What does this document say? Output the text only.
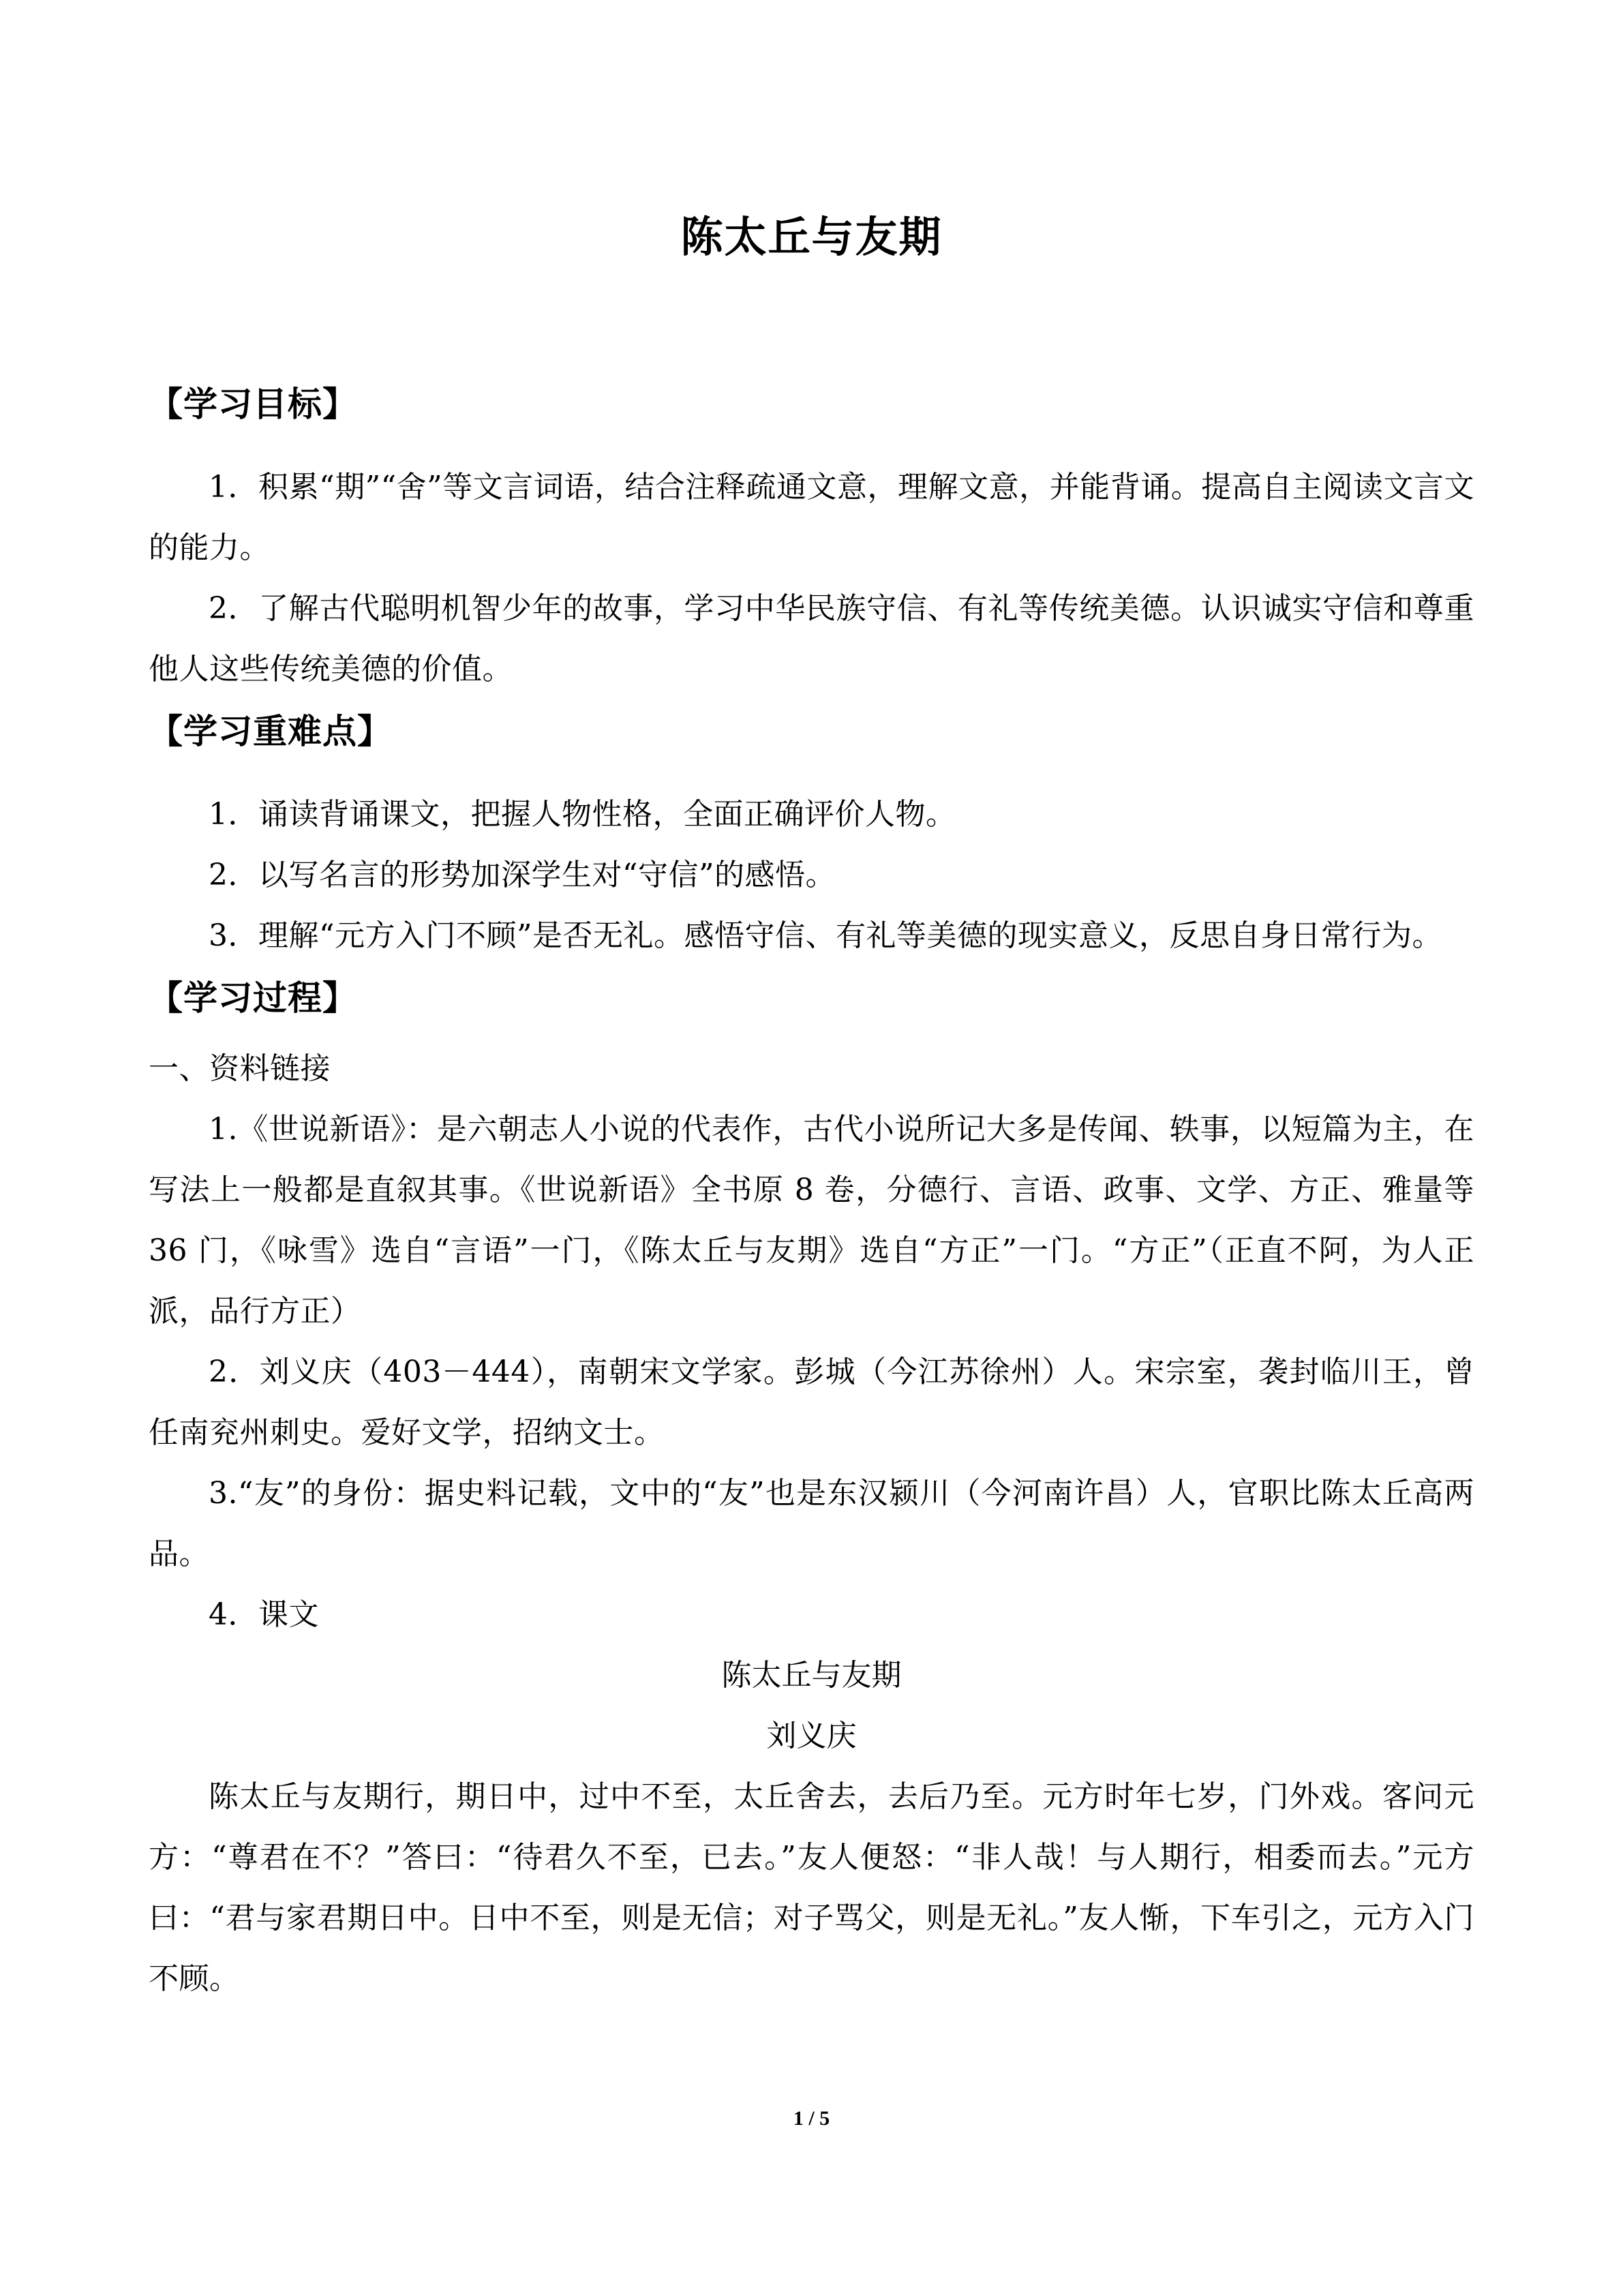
陈太丘与友期
【学习目标】

1．积累“期”“舍”等文言词语，结合注释疏通文意，理解文意，并能背诵。提高自主阅读文言文的能力。

2．了解古代聪明机智少年的故事，学习中华民族守信、有礼等传统美德。认识诚实守信和尊重他人这些传统美德的价值。

【学习重难点】

1．诵读背诵课文，把握人物性格，全面正确评价人物。

2．以写名言的形势加深学生对“守信”的感悟。

3．理解“元方入门不顾”是否无礼。感悟守信、有礼等美德的现实意义，反思自身日常行为。

【学习过程】

一、资料链接

1.《世说新语》：是六朝志人小说的代表作，古代小说所记大多是传闻、轶事，以短篇为主，在写法上一般都是直叙其事。《世说新语》全书原 8 卷，分德行、言语、政事、文学、方正、雅量等 36 门，《咏雪》选自“言语”一门，《陈太丘与友期》选自“方正”一门。“方正”（正直不阿，为人正派，品行方正）

2．刘义庆（403－444），南朝宋文学家。彭城（今江苏徐州）人。宋宗室，袭封临川王，曾任南兖州刺史。爱好文学，招纳文士。

3.“友”的身份：据史料记载，文中的“友”也是东汉颍川（今河南许昌）人，官职比陈太丘高两品。

4．课文

陈太丘与友期

刘义庆

陈太丘与友期行，期日中，过中不至，太丘舍去，去后乃至。元方时年七岁，门外戏。客问元方：“尊君在不？”答曰：“待君久不至，已去。”友人便怒：“非人哉！与人期行，相委而去。”元方曰：“君与家君期日中。日中不至，则是无信；对子骂父，则是无礼。”友人惭，下车引之，元方入门不顾。

1 / 5
